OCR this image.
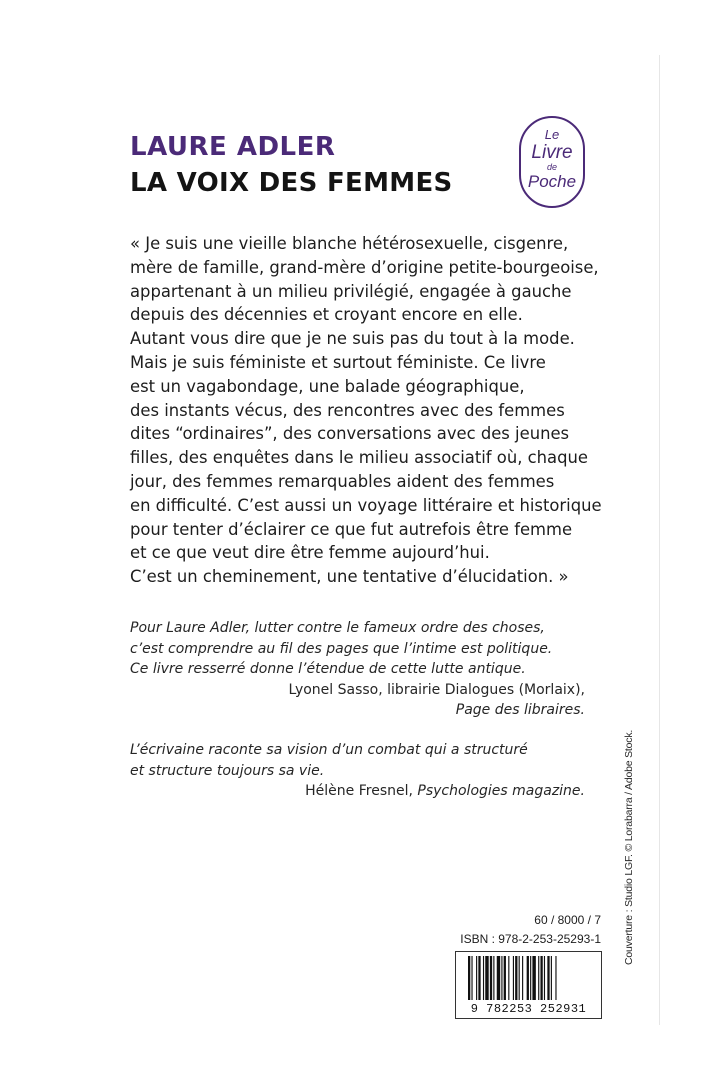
LAURE ADLER
LA VOIX DES FEMMES
Le
Livre
de
Poche
« Je suis une vieille blanche hétérosexuelle, cisgenre,
mère de famille, grand-mère d’origine petite-bourgeoise,
appartenant à un milieu privilégié, engagée à gauche
depuis des décennies et croyant encore en elle.
Autant vous dire que je ne suis pas du tout à la mode.
Mais je suis féministe et surtout féministe. Ce livre
est un vagabondage, une balade géographique,
des instants vécus, des rencontres avec des femmes
dites “ordinaires”, des conversations avec des jeunes
filles, des enquêtes dans le milieu associatif où, chaque
jour, des femmes remarquables aident des femmes
en difficulté. C’est aussi un voyage littéraire et historique
pour tenter d’éclairer ce que fut autrefois être femme
et ce que veut dire être femme aujourd’hui.
C’est un cheminement, une tentative d’élucidation. »
Pour Laure Adler, lutter contre le fameux ordre des choses,
c’est comprendre au fil des pages que l’intime est politique.
Ce livre resserré donne l’étendue de cette lutte antique.
Lyonel Sasso, librairie Dialogues (Morlaix),
Page des libraires.
L’écrivaine raconte sa vision d’un combat qui a structuré
et structure toujours sa vie.
Hélène Fresnel, Psychologies magazine.	Couverture : Studio LGF. © Lorabarra / Adobe Stock.
60 / 8000 / 7
ISBN : 978-2-253-25293-1
9 782253 252931
